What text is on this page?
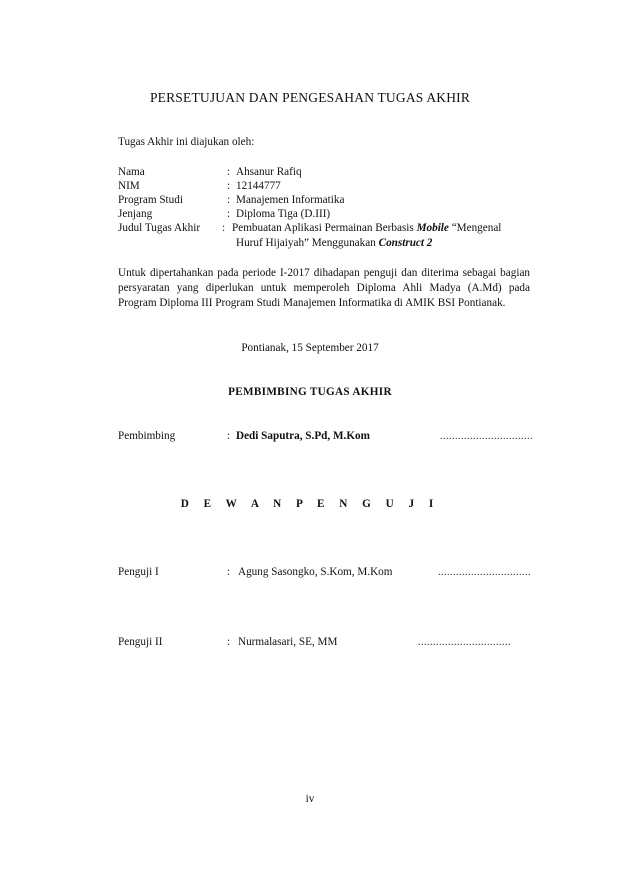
PERSETUJUAN DAN PENGESAHAN TUGAS AKHIR
Tugas Akhir ini diajukan oleh:
Nama	: Ahsanur Rafiq
NIM	: 12144777
Program Studi	: Manajemen Informatika
Jenjang	: Diploma Tiga (D.III)
Judul Tugas Akhir : Pembuatan Aplikasi Permainan Berbasis Mobile “Mengenal
Huruf Hijaiyah” Menggunakan Construct 2
Untuk dipertahankan pada periode I-2017 dihadapan penguji dan diterima sebagai bagian persyaratan yang diperlukan untuk memperoleh Diploma Ahli Madya (A.Md) pada Program Diploma III Program Studi Manajemen Informatika di AMIK BSI Pontianak.
Pontianak, 15 September 2017
PEMBIMBING TUGAS AKHIR
Pembimbing	: Dedi Saputra, S.Pd, M.Kom	...............................
D E W A N P E N G U J I
Penguji I	: Agung Sasongko, S.Kom, M.Kom	...............................
Penguji II	: Nurmalasari, SE, MM	...............................
iv
